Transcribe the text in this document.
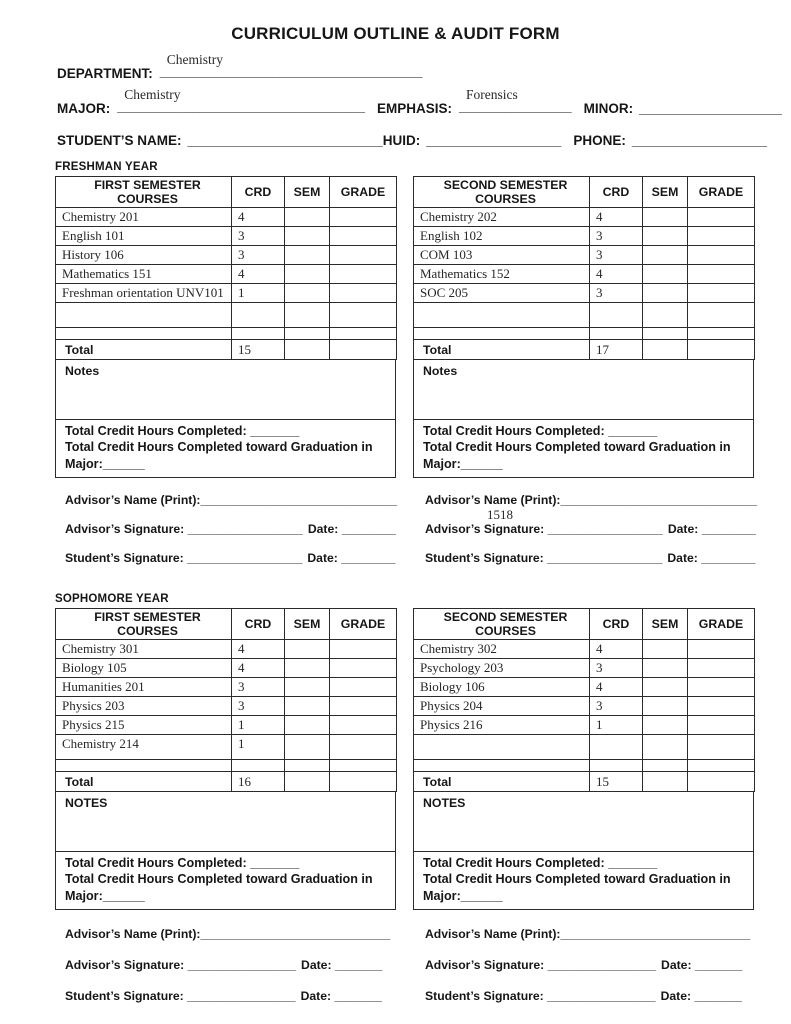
CURRICULUM OUTLINE & AUDIT FORM
DEPARTMENT:
Chemistry
___________________________________
MAJOR:
Chemistry
_________________________________ EMPHASIS:
Forensics
_______________ MINOR: ___________________
STUDENT’S NAME: __________________________ HUID: __________________ PHONE: __________________
FRESHMAN YEAR
FIRST SEMESTER COURSES	CRD	SEM	GRADE
Chemistry 201	4		
English 101	3		
History 106	3		
Mathematics 151	4		
Freshman orientation UNV101	1		

Total	15		
Notes
Total Credit Hours Completed: _______
Total Credit Hours Completed toward Graduation in
Major:______
SECOND SEMESTER COURSES	CRD	SEM	GRADE
Chemistry 202	4		
English 102	3		
COM 103	3		
Mathematics 152	4		
SOC 205	3		

Total	17		
Notes
Total Credit Hours Completed: _______
Total Credit Hours Completed toward Graduation in
Major:______
Advisor’s Name (Print):_____________________________
Advisor’s Signature: _________________ Date: ________
Student’s Signature: _________________ Date: ________
Advisor’s Name (Print):_____________________________
1518
Advisor’s Signature: _________________ Date: ________
Student’s Signature: _________________ Date: ________
SOPHOMORE YEAR
FIRST SEMESTER COURSES	CRD	SEM	GRADE
Chemistry 301	4		
Biology 105	4		
Humanities 201	3		
Physics 203	3		
Physics 215	1		
Chemistry 214	1		

Total	16		
NOTES
Total Credit Hours Completed: _______
Total Credit Hours Completed toward Graduation in
Major:______
SECOND SEMESTER COURSES	CRD	SEM	GRADE
Chemistry 302	4		
Psychology 203	3		
Biology 106	4		
Physics 204	3		
Physics 216	1		

Total	15		
NOTES
Total Credit Hours Completed: _______
Total Credit Hours Completed toward Graduation in
Major:______
Advisor’s Name (Print):____________________________
Advisor’s Signature: ________________ Date: _______
Student’s Signature: ________________ Date: _______
Advisor’s Name (Print):____________________________
Advisor’s Signature: ________________ Date: _______
Student’s Signature: ________________ Date: _______
